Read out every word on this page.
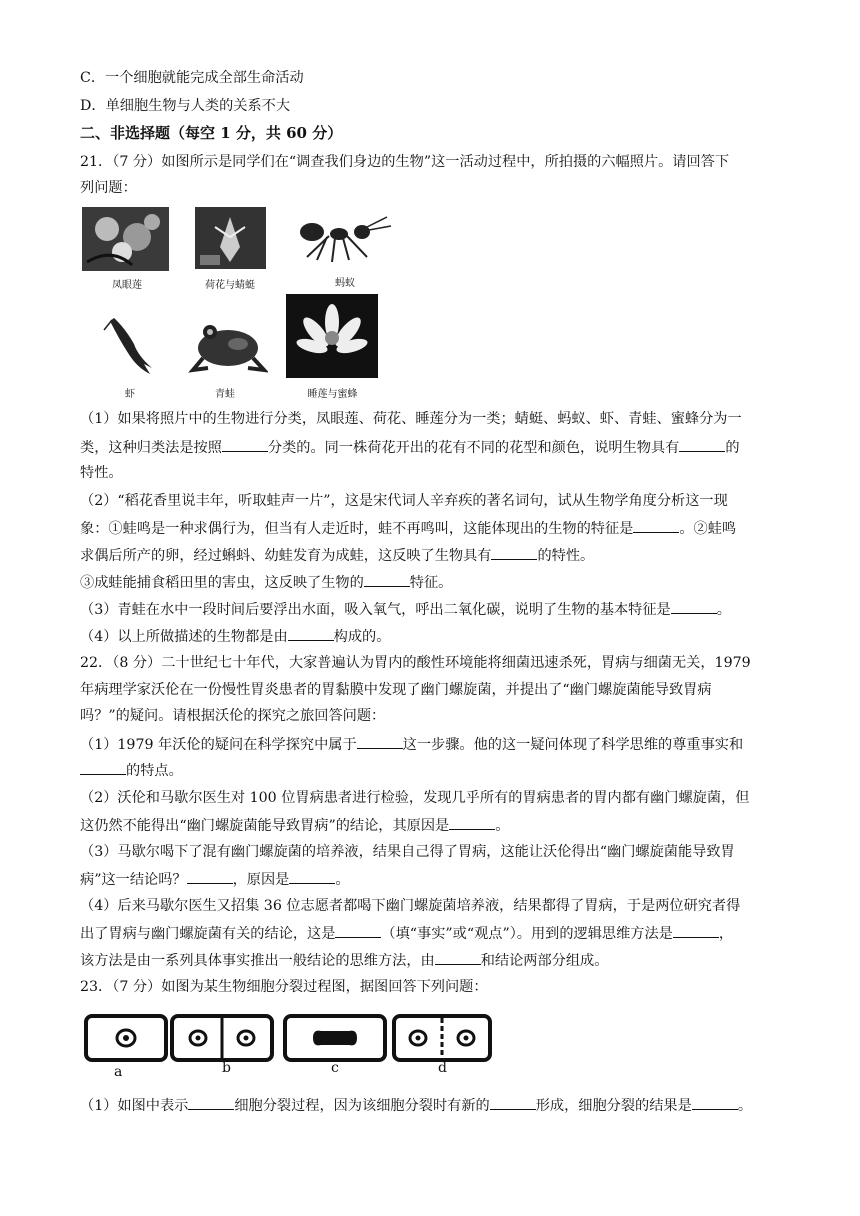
C．一个细胞就能完成全部生命活动
D．单细胞生物与人类的关系不大
二、非选择题（每空 1 分，共 60 分）
21．（7 分）如图所示是同学们在“调查我们身边的生物”这一活动过程中，所拍摄的六幅照片。请回答下
列问题：
凤眼莲	荷花与蜻蜓	蚂蚁
虾	青蛙	睡莲与蜜蜂
（1）如果将照片中的生物进行分类，凤眼莲、荷花、睡莲分为一类；蜻蜓、蚂蚁、虾、青蛙、蜜蜂分为一
类，这种归类法是按照	分类的。同一株荷花开出的花有不同的花型和颜色，说明生物具有	的
特性。
（2）“稻花香里说丰年，听取蛙声一片”，这是宋代词人辛弃疾的著名词句，试从生物学角度分析这一现
象：①蛙鸣是一种求偶行为，但当有人走近时，蛙不再鸣叫，这能体现出的生物的特征是	。②蛙鸣
求偶后所产的卵，经过蝌蚪、幼蛙发育为成蛙，这反映了生物具有	的特性。
③成蛙能捕食稻田里的害虫，这反映了生物的	特征。
（3）青蛙在水中一段时间后要浮出水面，吸入氧气，呼出二氧化碳，说明了生物的基本特征是	。
（4）以上所做描述的生物都是由	构成的。
22．（8 分）二十世纪七十年代，大家普遍认为胃内的酸性环境能将细菌迅速杀死，胃病与细菌无关，1979
年病理学家沃伦在一份慢性胃炎患者的胃黏膜中发现了幽门螺旋菌，并提出了“幽门螺旋菌能导致胃病
吗？”的疑问。请根据沃伦的探究之旅回答问题：
（1）1979 年沃伦的疑问在科学探究中属于	这一步骤。他的这一疑问体现了科学思维的尊重事实和
的特点。
（2）沃伦和马歇尔医生对 100 位胃病患者进行检验，发现几乎所有的胃病患者的胃内都有幽门螺旋菌，但
这仍然不能得出“幽门螺旋菌能导致胃病”的结论，其原因是	。
（3）马歇尔喝下了混有幽门螺旋菌的培养液，结果自己得了胃病，这能让沃伦得出“幽门螺旋菌能导致胃
病”这一结论吗？	，原因是	。
（4）后来马歇尔医生又招集 36 位志愿者都喝下幽门螺旋菌培养液，结果都得了胃病，于是两位研究者得
出了胃病与幽门螺旋菌有关的结论，这是	（填“事实”或“观点”）。用到的逻辑思维方法是	，
该方法是由一系列具体事实推出一般结论的思维方法，由	和结论两部分组成。
23．（7 分）如图为某生物细胞分裂过程图，据图回答下列问题：
a	b	c	d
（1）如图中表示	细胞分裂过程，因为该细胞分裂时有新的	形成，细胞分裂的结果是	。
